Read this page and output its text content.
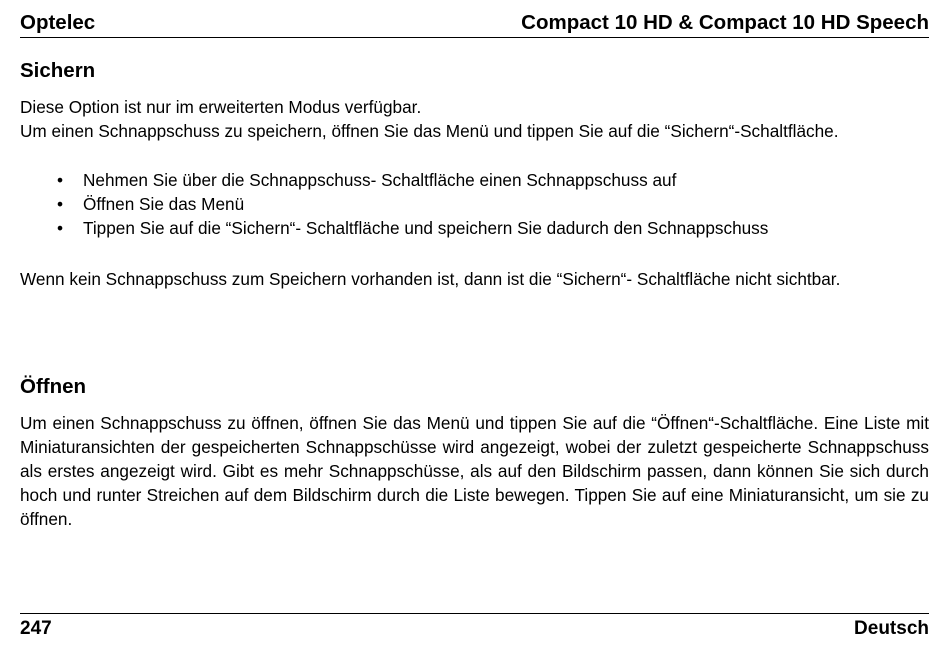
Optelec	Compact 10 HD & Compact 10 HD Speech
Sichern

Diese Option ist nur im erweiterten Modus verfügbar.

Um einen Schnappschuss zu speichern, öffnen Sie das Menü und tippen Sie auf die “Sichern“-Schaltfläche.

• Nehmen Sie über die Schnappschuss- Schaltfläche einen Schnappschuss auf
• Öffnen Sie das Menü
• Tippen Sie auf die “Sichern“- Schaltfläche und speichern Sie dadurch den Schnappschuss

Wenn kein Schnappschuss zum Speichern vorhanden ist, dann ist die “Sichern“- Schaltfläche nicht sichtbar.

Öffnen

Um einen Schnappschuss zu öffnen, öffnen Sie das Menü und tippen Sie auf die “Öffnen“-Schaltfläche. Eine Liste mit Miniaturansichten der gespeicherten Schnappschüsse wird angezeigt, wobei der zuletzt gespeicherte Schnappschuss als erstes angezeigt wird. Gibt es mehr Schnappschüsse, als auf den Bildschirm passen, dann können Sie sich durch hoch und runter Streichen auf dem Bildschirm durch die Liste bewegen. Tippen Sie auf eine Miniaturansicht, um sie zu öffnen.

247	Deutsch
